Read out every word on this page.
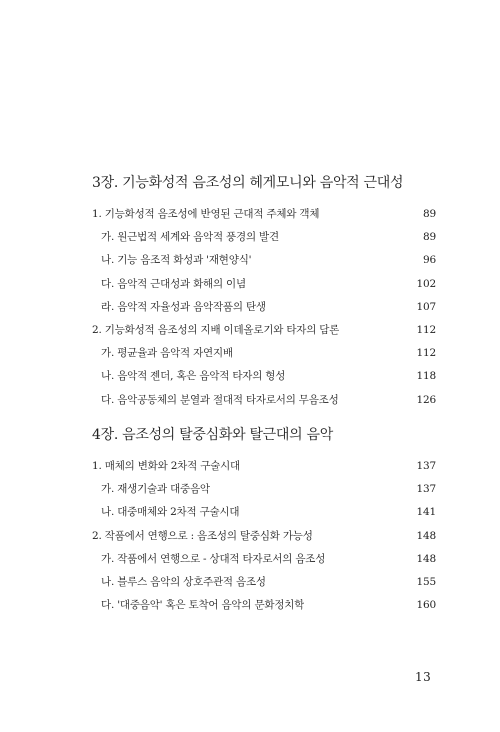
3장. 기능화성적 음조성의 헤게모니와 음악적 근대성
1. 기능화성적 음조성에 반영된 근대적 주체와 객체	89
가. 원근법적 세계와 음악적 풍경의 발견	89
나. 기능 음조적 화성과 '재현양식'	96
다. 음악적 근대성과 화해의 이념	102
라. 음악적 자율성과 음악작품의 탄생	107
2. 기능화성적 음조성의 지배 이데올로기와 타자의 담론	112
가. 평균율과 음악적 자연지배	112
나. 음악적 젠더, 혹은 음악적 타자의 형성	118
다. 음악공동체의 분열과 절대적 타자로서의 무음조성	126
4장. 음조성의 탈중심화와 탈근대의 음악
1. 매체의 변화와 2차적 구술시대	137
가. 재생기술과 대중음악	137
나. 대중매체와 2차적 구술시대	141
2. 작품에서 연행으로 : 음조성의 탈중심화 가능성	148
가. 작품에서 연행으로 - 상대적 타자로서의 음조성	148
나. 블루스 음악의 상호주관적 음조성	155
다. '대중음악' 혹은 토착어 음악의 문화정치학	160
13
